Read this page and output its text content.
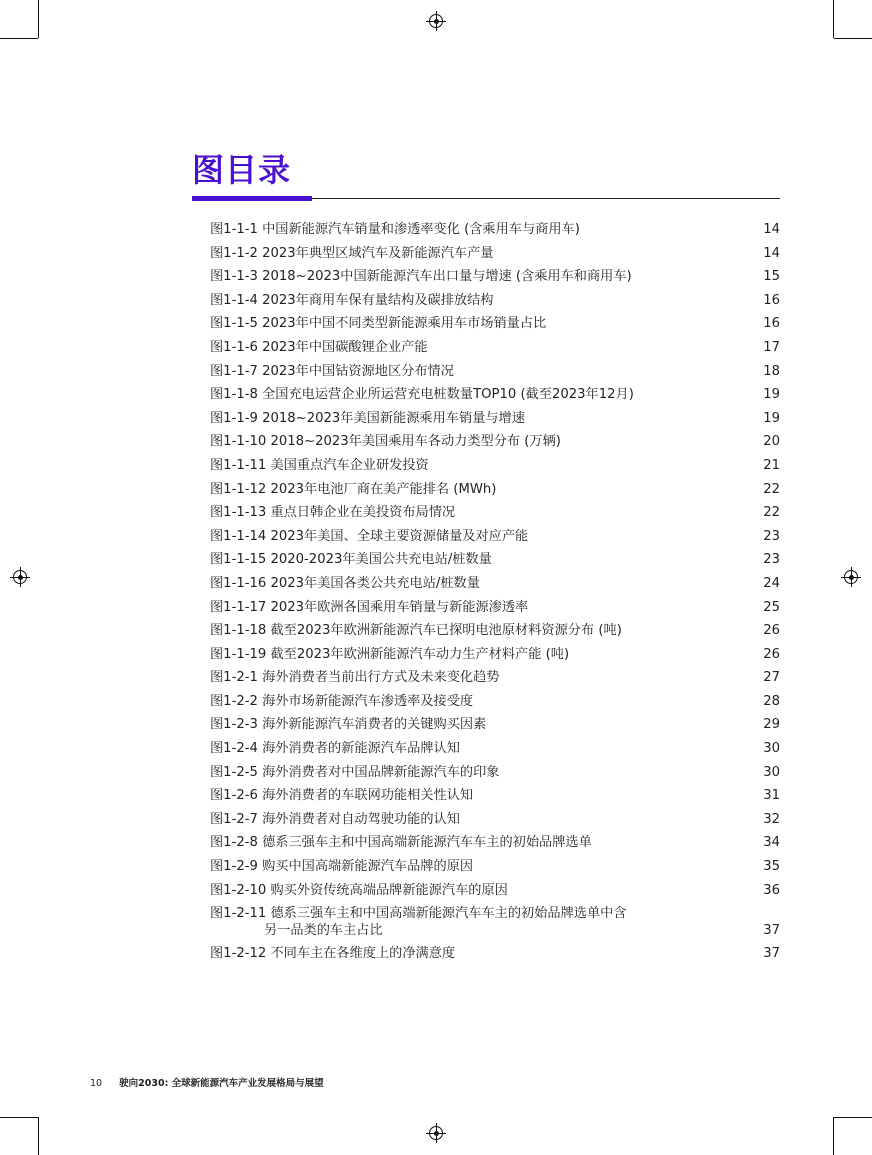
图目录
图1-1-1 中国新能源汽车销量和渗透率变化 (含乘用车与商用车)	14
图1-1-2 2023年典型区域汽车及新能源汽车产量	14
图1-1-3 2018~2023中国新能源汽车出口量与增速 (含乘用车和商用车)	15
图1-1-4 2023年商用车保有量结构及碳排放结构	16
图1-1-5 2023年中国不同类型新能源乘用车市场销量占比	16
图1-1-6 2023年中国碳酸锂企业产能	17
图1-1-7 2023年中国钴资源地区分布情况	18
图1-1-8 全国充电运营企业所运营充电桩数量TOP10 (截至2023年12月)	19
图1-1-9 2018~2023年美国新能源乘用车销量与增速	19
图1-1-10 2018~2023年美国乘用车各动力类型分布 (万辆)	20
图1-1-11 美国重点汽车企业研发投资	21
图1-1-12 2023年电池厂商在美产能排名 (MWh)	22
图1-1-13 重点日韩企业在美投资布局情况	22
图1-1-14 2023年美国、全球主要资源储量及对应产能	23
图1-1-15 2020-2023年美国公共充电站/桩数量	23
图1-1-16 2023年美国各类公共充电站/桩数量	24
图1-1-17 2023年欧洲各国乘用车销量与新能源渗透率	25
图1-1-18 截至2023年欧洲新能源汽车已探明电池原材料资源分布 (吨)	26
图1-1-19 截至2023年欧洲新能源汽车动力生产材料产能 (吨)	26
图1-2-1 海外消费者当前出行方式及未来变化趋势	27
图1-2-2 海外市场新能源汽车渗透率及接受度	28
图1-2-3 海外新能源汽车消费者的关键购买因素	29
图1-2-4 海外消费者的新能源汽车品牌认知	30
图1-2-5 海外消费者对中国品牌新能源汽车的印象	30
图1-2-6 海外消费者的车联网功能相关性认知	31
图1-2-7 海外消费者对自动驾驶功能的认知	32
图1-2-8 德系三强车主和中国高端新能源汽车车主的初始品牌选单	34
图1-2-9 购买中国高端新能源汽车品牌的原因	35
图1-2-10 购买外资传统高端品牌新能源汽车的原因	36
图1-2-11 德系三强车主和中国高端新能源汽车车主的初始品牌选单中含
另一品类的车主占比	37
图1-2-12 不同车主在各维度上的净满意度	37
10 驶向2030: 全球新能源汽车产业发展格局与展望
